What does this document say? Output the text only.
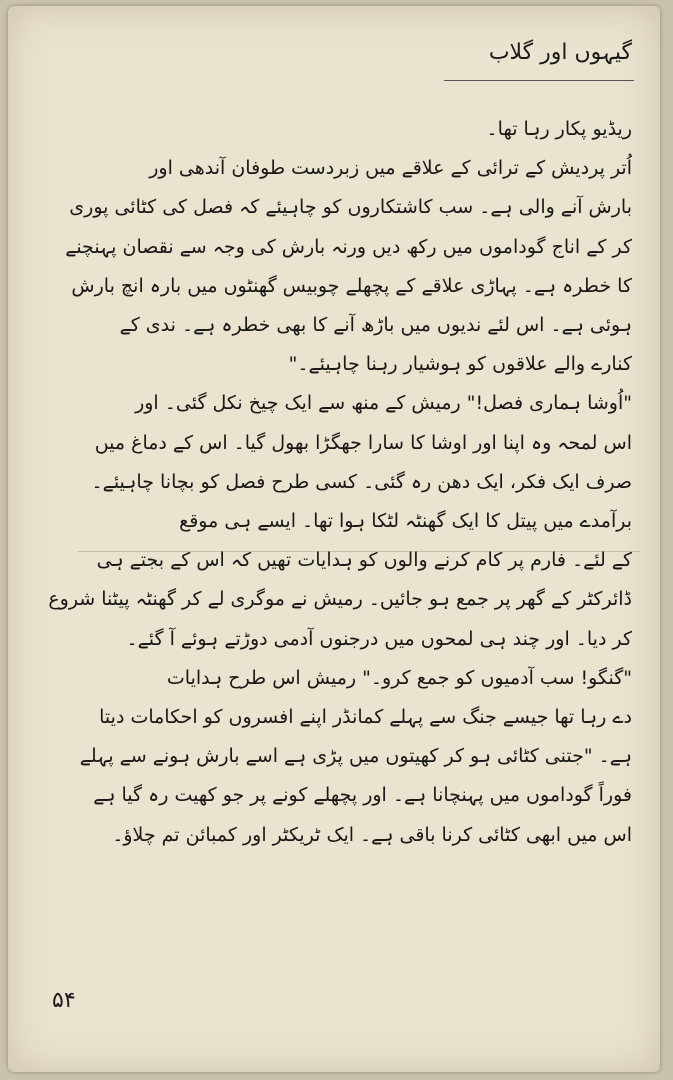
گیہوں اور گلاب
ریڈیو پکار رہا تھا۔
اُتر پردیش کے ترائی کے علاقے میں زبردست طوفان آندھی اور
بارش آنے والی ہے۔ سب کاشتکاروں کو چاہیئے کہ فصل کی کٹائی پوری
کر کے اناج گوداموں میں رکھ دیں ورنہ بارش کی وجہ سے نقصان پہنچنے
کا خطرہ ہے۔ پہاڑی علاقے کے پچھلے چوبیس گھنٹوں میں بارہ انچ بارش
ہوئی ہے۔ اس لئے ندیوں میں باڑھ آنے کا بھی خطرہ ہے۔ ندی کے
کنارے والے علاقوں کو ہوشیار رہنا چاہیئے۔"
"اُوشا ہماری فصل!" رمیش کے منھ سے ایک چیخ نکل گئی۔ اور
اس لمحہ وہ اپنا اور اوشا کا سارا جھگڑا بھول گیا۔ اس کے دماغ میں
صرف ایک فکر، ایک دھن رہ گئی۔ کسی طرح فصل کو بچانا چاہیئے۔
برآمدے میں پیتل کا ایک گھنٹہ لٹکا ہوا تھا۔ ایسے ہی موقع
کے لئے۔ فارم پر کام کرنے والوں کو ہدایات تھیں کہ اس کے بجتے ہی
ڈائرکٹر کے گھر پر جمع ہو جائیں۔ رمیش نے موگری لے کر گھنٹہ پیٹنا شروع
کر دیا۔ اور چند ہی لمحوں میں درجنوں آدمی دوڑتے ہوئے آ گئے۔
"گنگو! سب آدمیوں کو جمع کرو۔" رمیش اس طرح ہدایات
دے رہا تھا جیسے جنگ سے پہلے کمانڈر اپنے افسروں کو احکامات دیتا
ہے۔ "جتنی کٹائی ہو کر کھیتوں میں پڑی ہے اسے بارش ہونے سے پہلے
فوراً گوداموں میں پہنچانا ہے۔ اور پچھلے کونے پر جو کھیت رہ گیا ہے
اس میں ابھی کٹائی کرنا باقی ہے۔ ایک ٹریکٹر اور کمبائن تم چلاؤ۔
۵۴
